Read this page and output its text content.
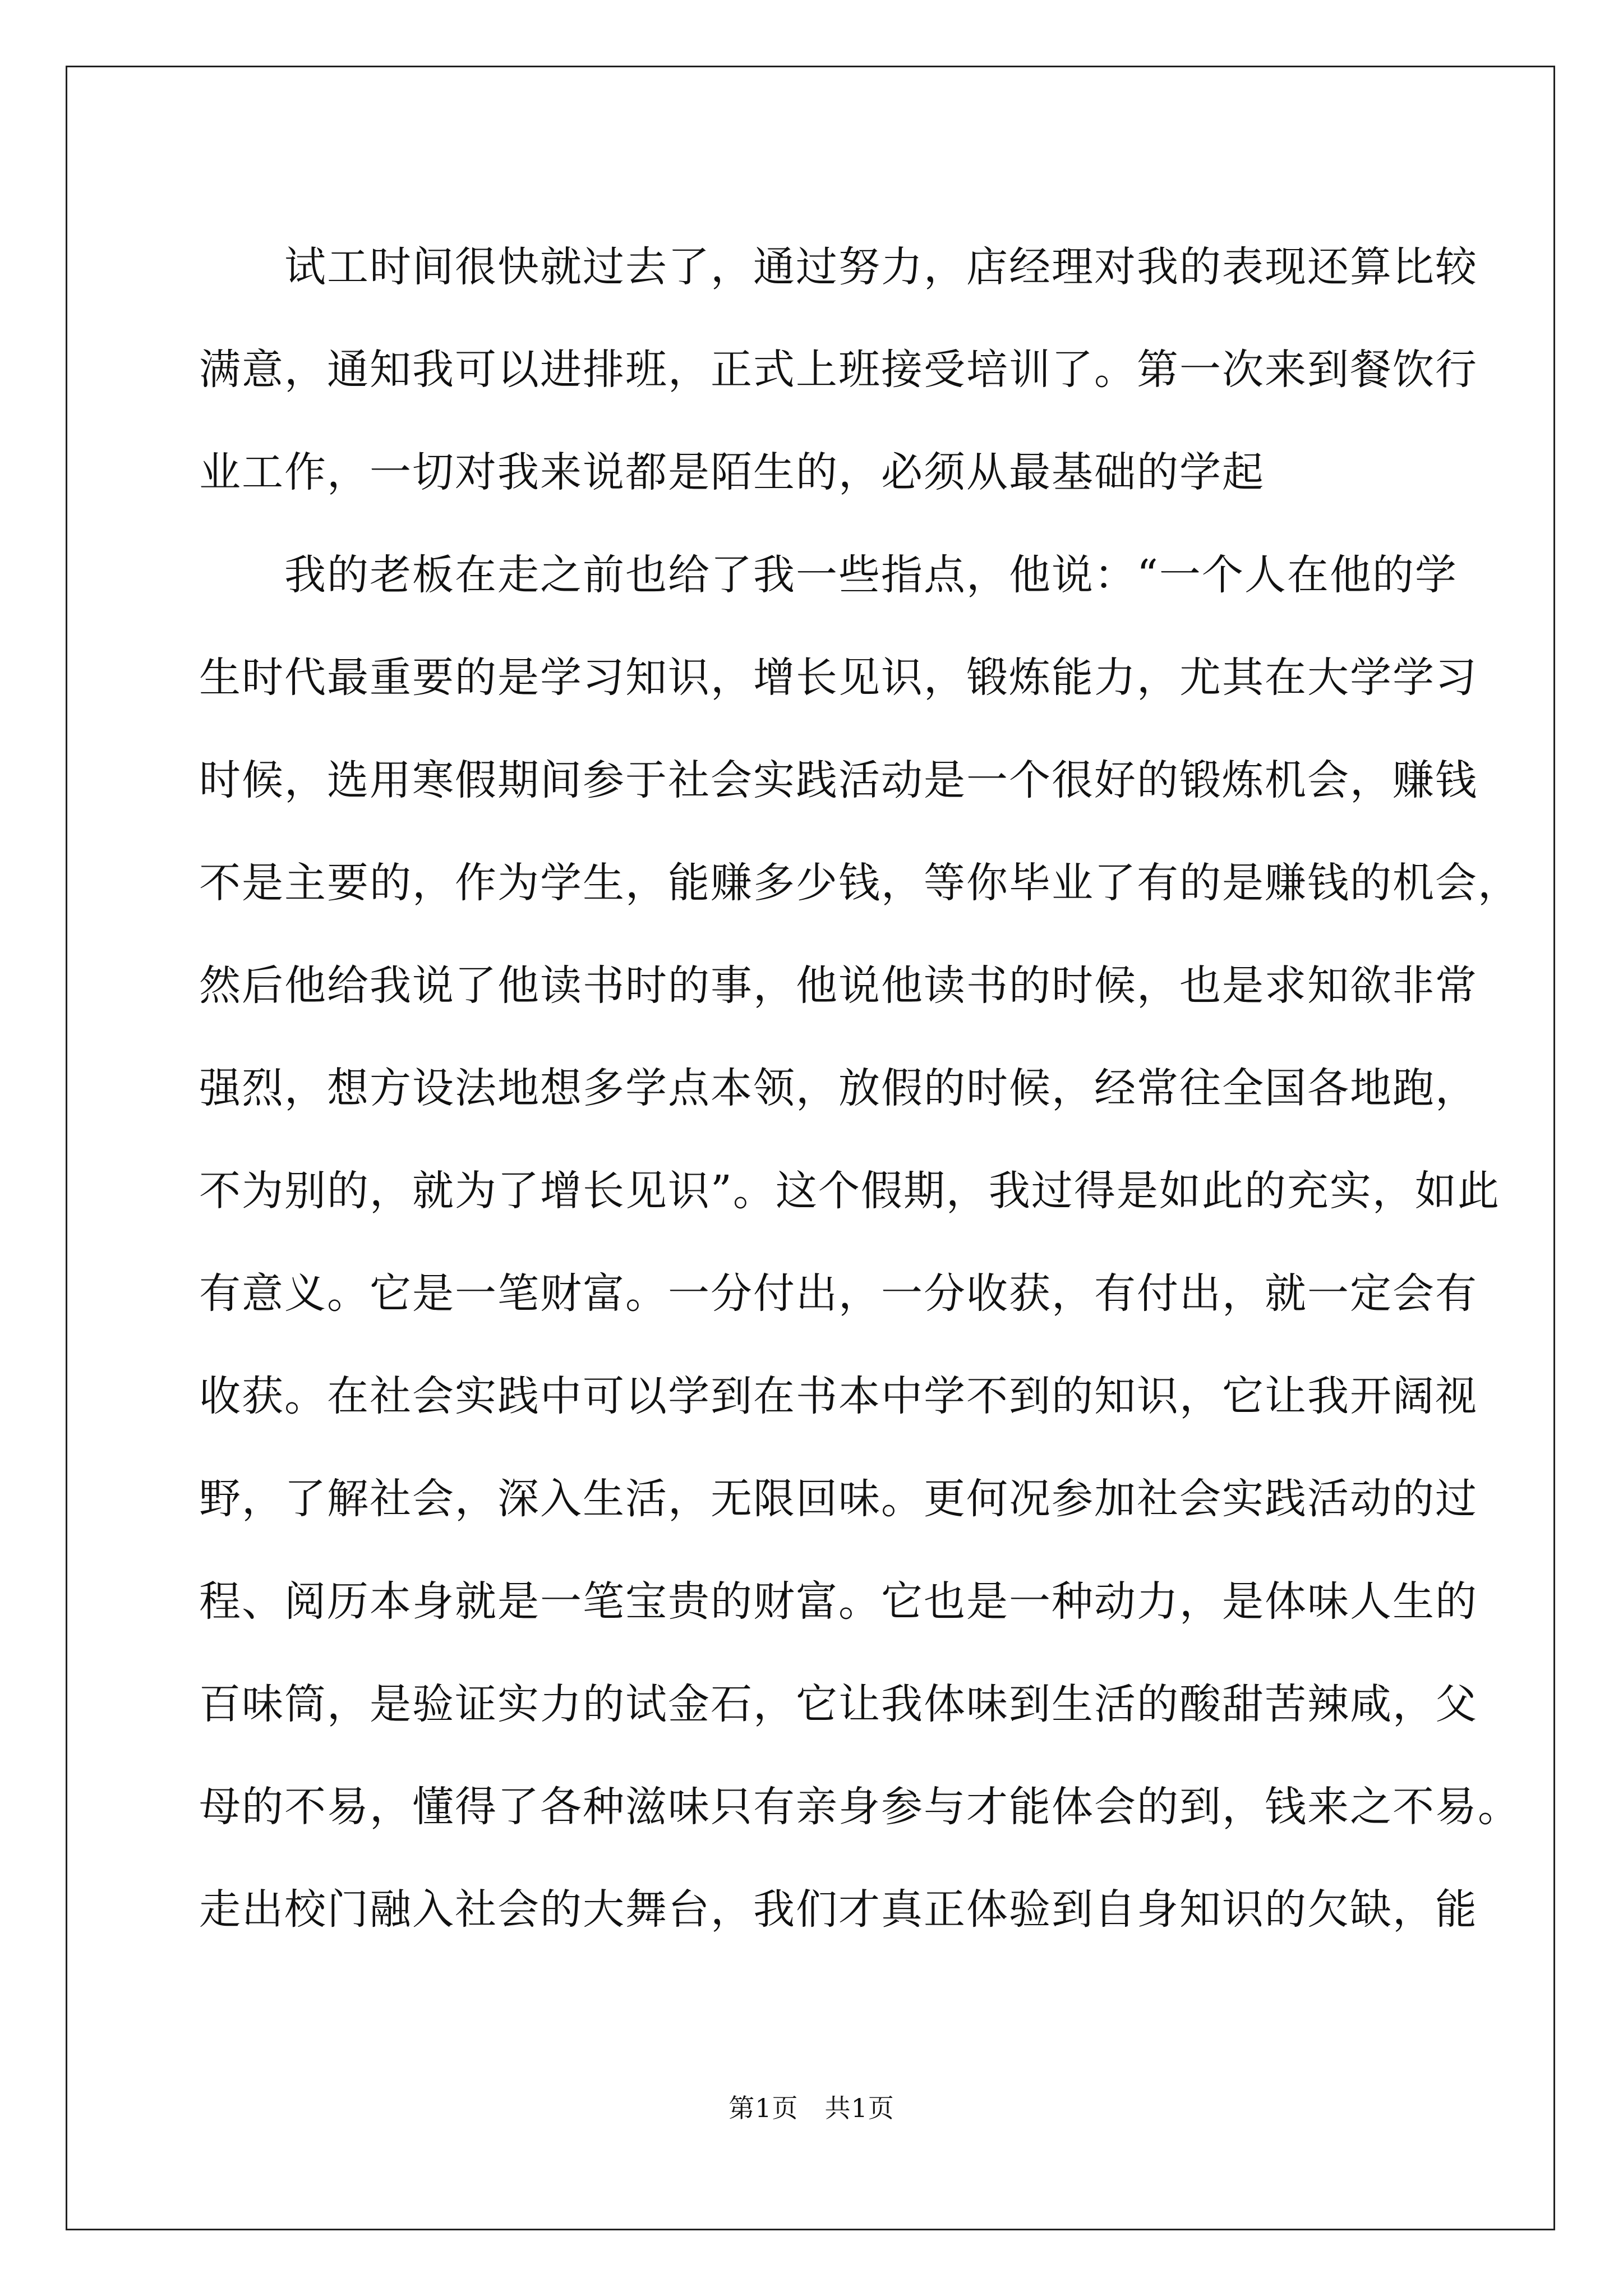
　　试工时间很快就过去了，通过努力，店经理对我的表现还算比较
满意，通知我可以进排班，正式上班接受培训了。第一次来到餐饮行
业工作，一切对我来说都是陌生的，必须从最基础的学起
　　我的老板在走之前也给了我一些指点，他说：“一个人在他的学
生时代最重要的是学习知识，增长见识，锻炼能力，尤其在大学学习
时候，选用寒假期间参于社会实践活动是一个很好的锻炼机会，赚钱
不是主要的，作为学生，能赚多少钱，等你毕业了有的是赚钱的机会，
然后他给我说了他读书时的事，他说他读书的时候，也是求知欲非常
强烈，想方设法地想多学点本领，放假的时候，经常往全国各地跑，
不为别的，就为了增长见识”。这个假期，我过得是如此的充实，如此
有意义。它是一笔财富。一分付出，一分收获，有付出，就一定会有
收获。在社会实践中可以学到在书本中学不到的知识，它让我开阔视
野，了解社会，深入生活，无限回味。更何况参加社会实践活动的过
程、阅历本身就是一笔宝贵的财富。它也是一种动力，是体味人生的
百味筒，是验证实力的试金石，它让我体味到生活的酸甜苦辣咸，父
母的不易，懂得了各种滋味只有亲身参与才能体会的到，钱来之不易。
走出校门融入社会的大舞台，我们才真正体验到自身知识的欠缺，能
第1页　共1页
